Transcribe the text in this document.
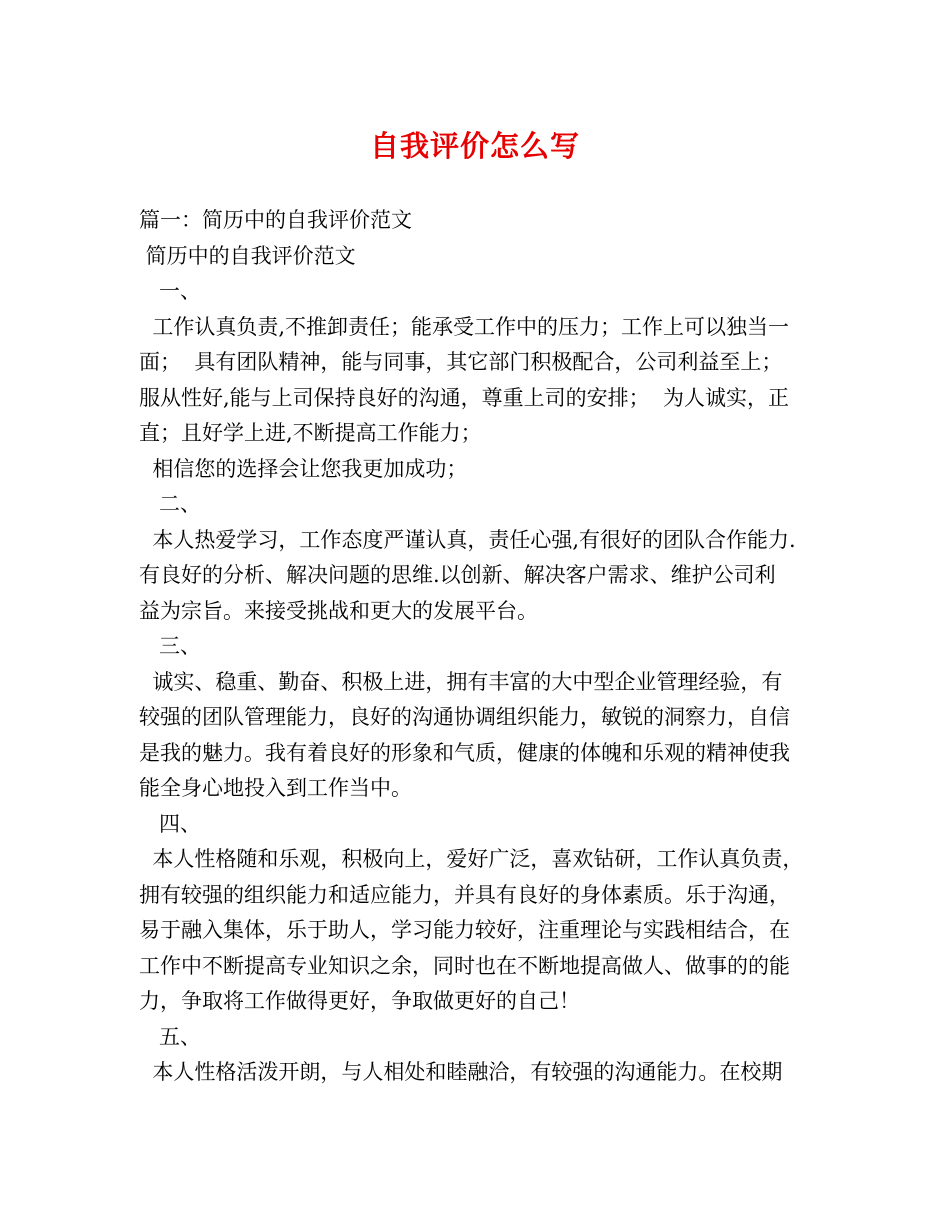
自我评价怎么写
篇一：简历中的自我评价范文
简历中的自我评价范文
一、
工作认真负责,不推卸责任；能承受工作中的压力；工作上可以独当一
面；  具有团队精神，能与同事，其它部门积极配合，公司利益至上；
服从性好,能与上司保持良好的沟通，尊重上司的安排；  为人诚实，正
直；且好学上进,不断提高工作能力；
相信您的选择会让您我更加成功；
二、
本人热爱学习，工作态度严谨认真，责任心强,有很好的团队合作能力.
有良好的分析、解决问题的思维.以创新、解决客户需求、维护公司利
益为宗旨。来接受挑战和更大的发展平台。
三、
诚实、稳重、勤奋、积极上进，拥有丰富的大中型企业管理经验，有
较强的团队管理能力，良好的沟通协调组织能力，敏锐的洞察力，自信
是我的魅力。我有着良好的形象和气质，健康的体魄和乐观的精神使我
能全身心地投入到工作当中。
四、
本人性格随和乐观，积极向上，爱好广泛，喜欢钻研，工作认真负责，
拥有较强的组织能力和适应能力，并具有良好的身体素质。乐于沟通，
易于融入集体，乐于助人，学习能力较好，注重理论与实践相结合，在
工作中不断提高专业知识之余，同时也在不断地提高做人、做事的的能
力，争取将工作做得更好，争取做更好的自己！
五、
本人性格活泼开朗，与人相处和睦融洽，有较强的沟通能力。在校期
